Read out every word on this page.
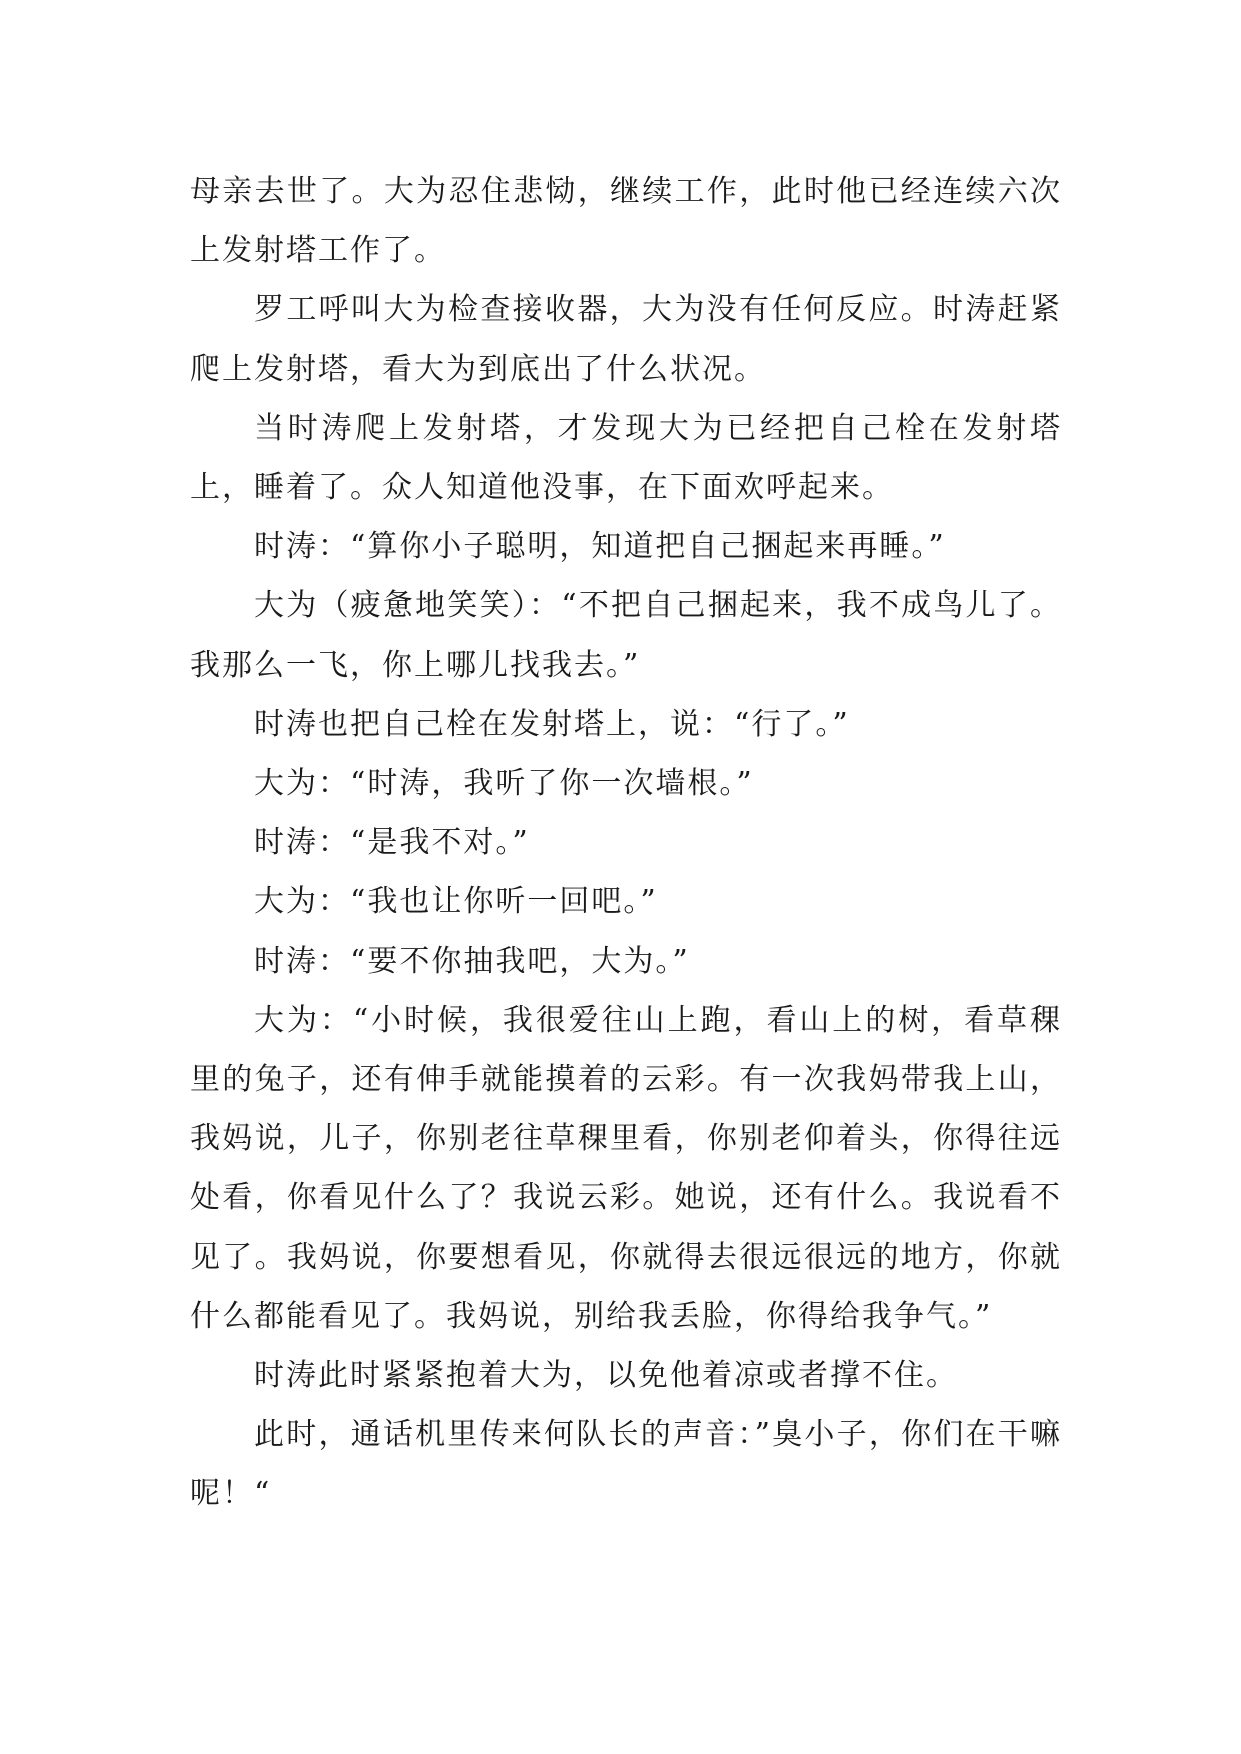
母亲去世了。大为忍住悲恸，继续工作，此时他已经连续六次上发射塔工作了。

罗工呼叫大为检查接收器，大为没有任何反应。时涛赶紧爬上发射塔，看大为到底出了什么状况。

当时涛爬上发射塔，才发现大为已经把自己栓在发射塔上，睡着了。众人知道他没事，在下面欢呼起来。

时涛：“算你小子聪明，知道把自己捆起来再睡。”

大为（疲惫地笑笑）：“不把自己捆起来，我不成鸟儿了。我那么一飞，你上哪儿找我去。”

时涛也把自己栓在发射塔上，说：“行了。”

大为：“时涛，我听了你一次墙根。”

时涛：“是我不对。”

大为：“我也让你听一回吧。”

时涛：“要不你抽我吧，大为。”

大为：“小时候，我很爱往山上跑，看山上的树，看草稞里的兔子，还有伸手就能摸着的云彩。有一次我妈带我上山，我妈说，儿子，你别老往草稞里看，你别老仰着头，你得往远处看，你看见什么了？我说云彩。她说，还有什么。我说看不见了。我妈说，你要想看见，你就得去很远很远的地方，你就什么都能看见了。我妈说，别给我丢脸，你得给我争气。”

时涛此时紧紧抱着大为，以免他着凉或者撑不住。

此时，通话机里传来何队长的声音：”臭小子，你们在干嘛呢！“
